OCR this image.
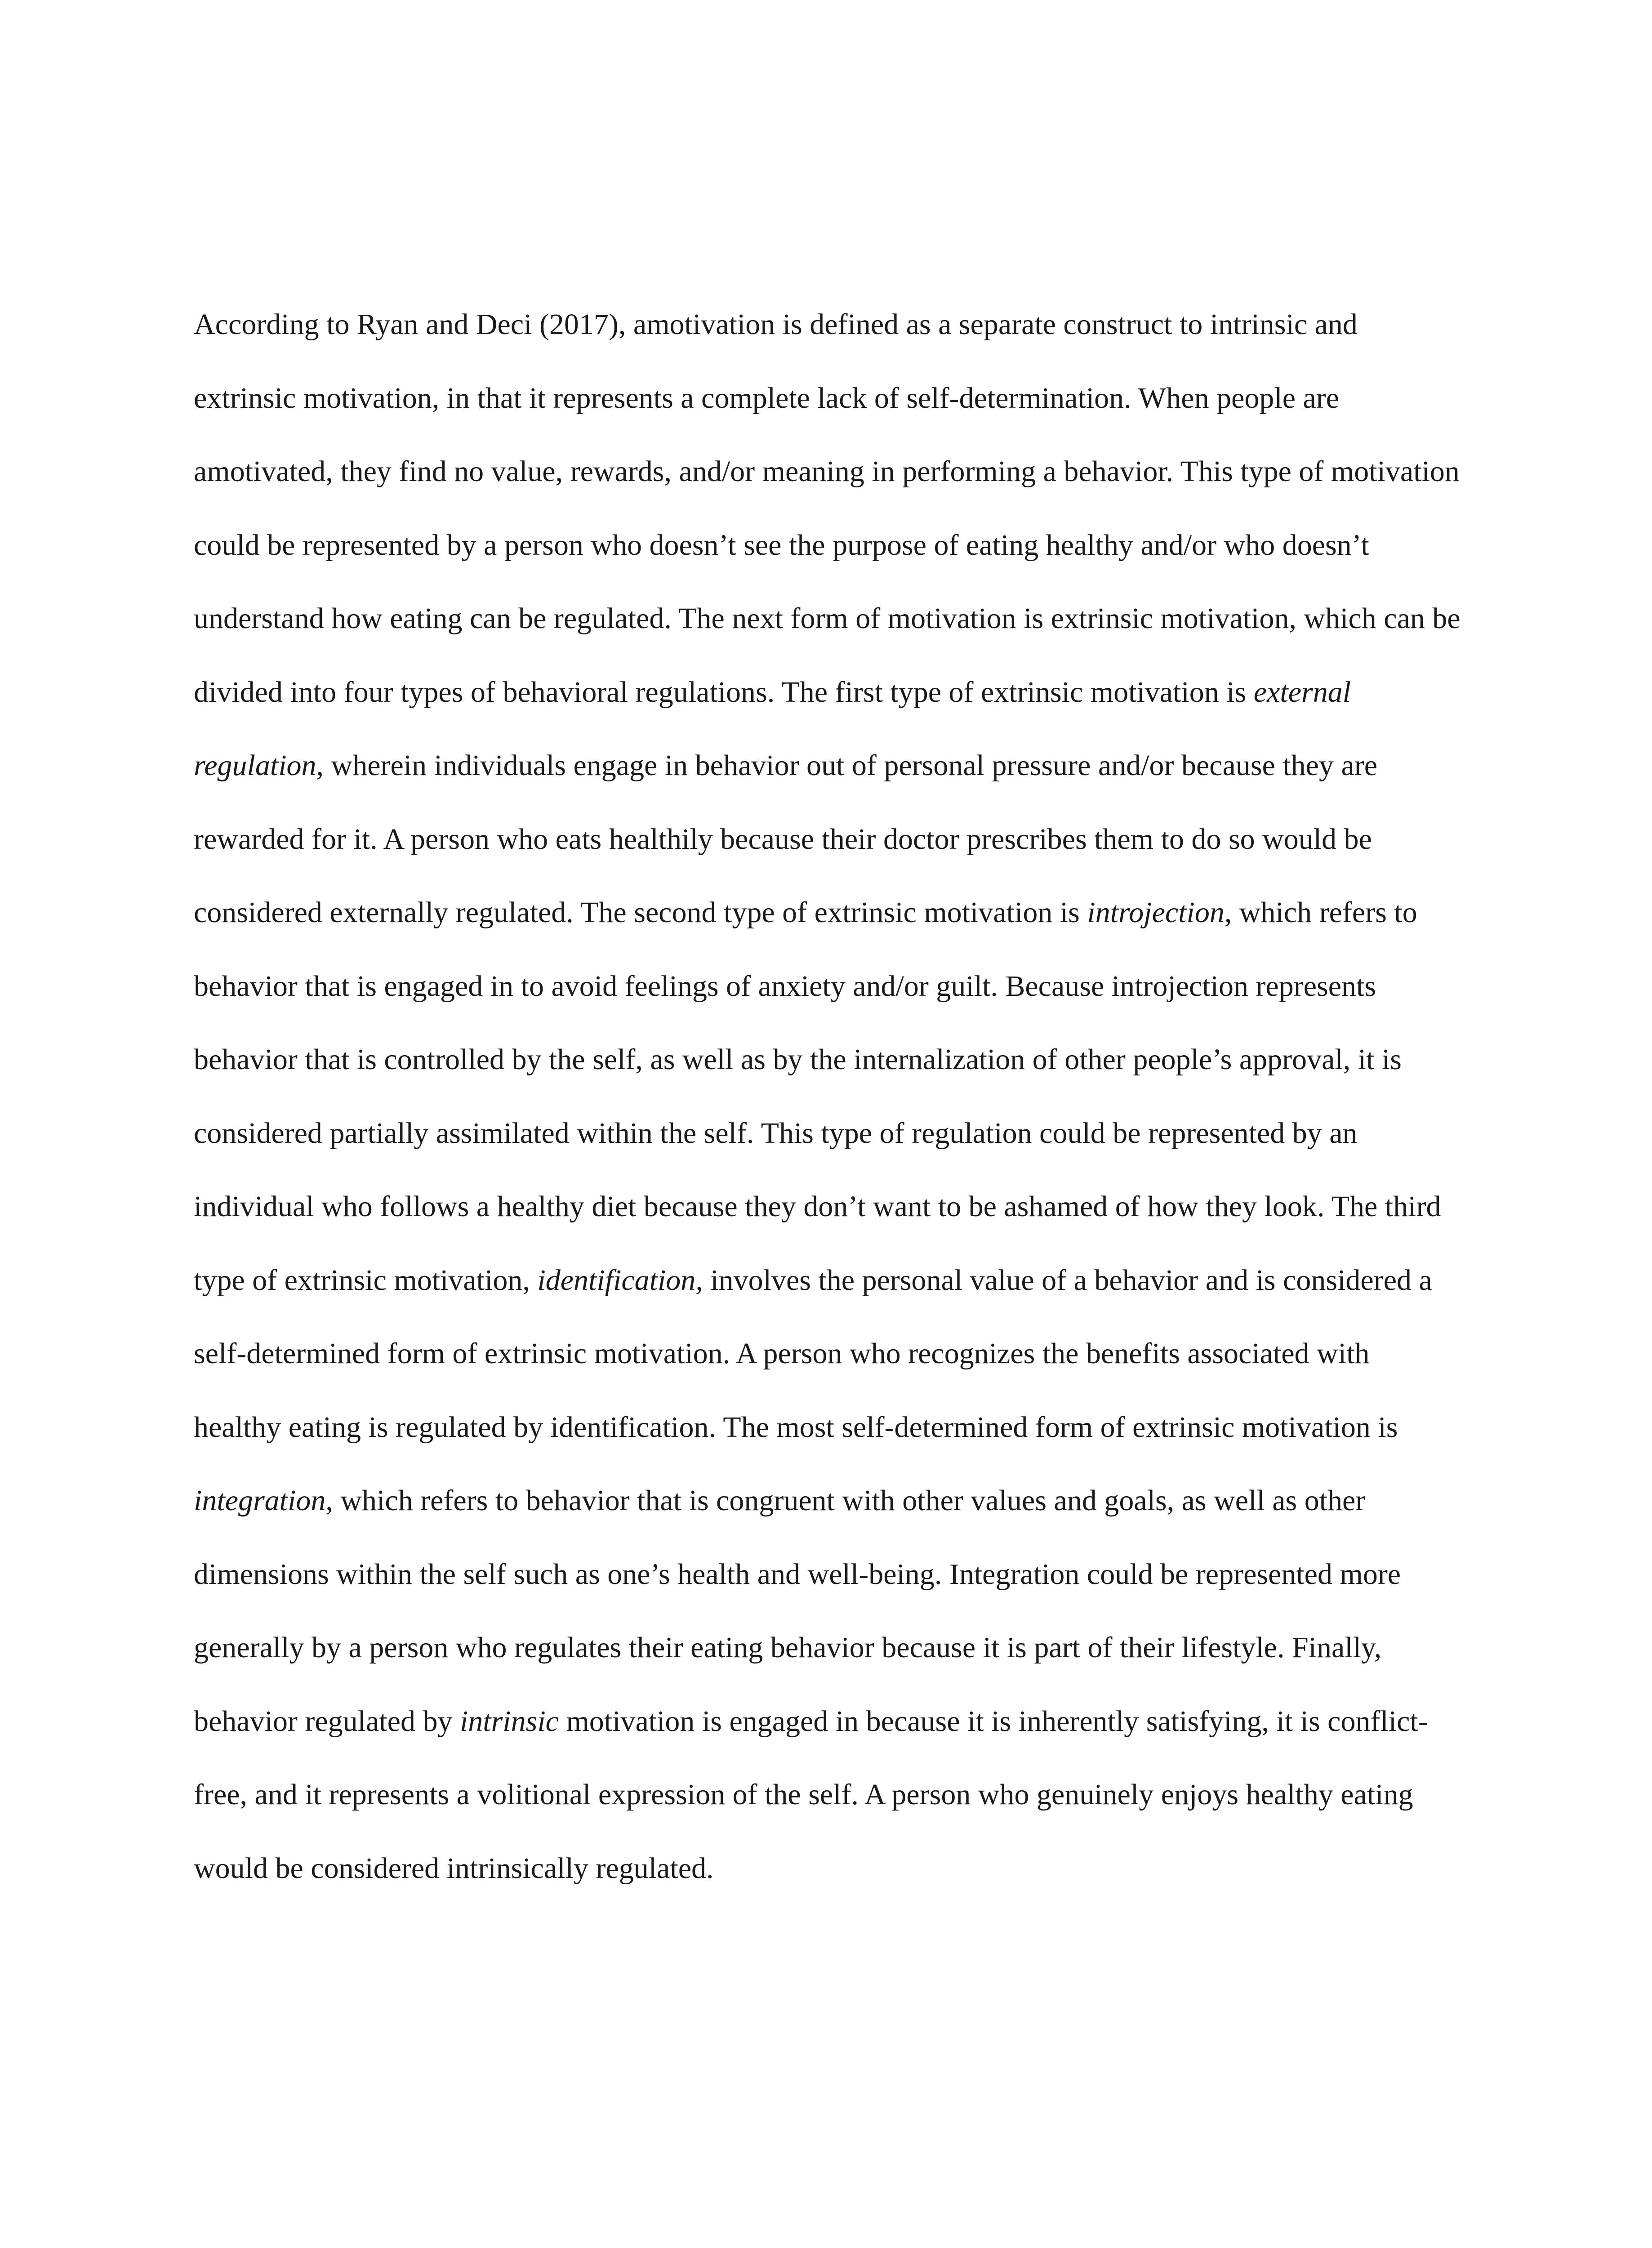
According to Ryan and Deci (2017), amotivation is defined as a separate construct to intrinsic and extrinsic motivation, in that it represents a complete lack of self-determination. When people are amotivated, they find no value, rewards, and/or meaning in performing a behavior. This type of motivation could be represented by a person who doesn’t see the purpose of eating healthy and/or who doesn’t understand how eating can be regulated. The next form of motivation is extrinsic motivation, which can be divided into four types of behavioral regulations. The first type of extrinsic motivation is external regulation, wherein individuals engage in behavior out of personal pressure and/or because they are rewarded for it. A person who eats healthily because their doctor prescribes them to do so would be considered externally regulated. The second type of extrinsic motivation is introjection, which refers to behavior that is engaged in to avoid feelings of anxiety and/or guilt. Because introjection represents behavior that is controlled by the self, as well as by the internalization of other people’s approval, it is considered partially assimilated within the self. This type of regulation could be represented by an individual who follows a healthy diet because they don’t want to be ashamed of how they look. The third type of extrinsic motivation, identification, involves the personal value of a behavior and is considered a self-determined form of extrinsic motivation. A person who recognizes the benefits associated with healthy eating is regulated by identification. The most self-determined form of extrinsic motivation is integration, which refers to behavior that is congruent with other values and goals, as well as other dimensions within the self such as one’s health and well-being. Integration could be represented more generally by a person who regulates their eating behavior because it is part of their lifestyle. Finally, behavior regulated by intrinsic motivation is engaged in because it is inherently satisfying, it is conflict-free, and it represents a volitional expression of the self. A person who genuinely enjoys healthy eating would be considered intrinsically regulated.
